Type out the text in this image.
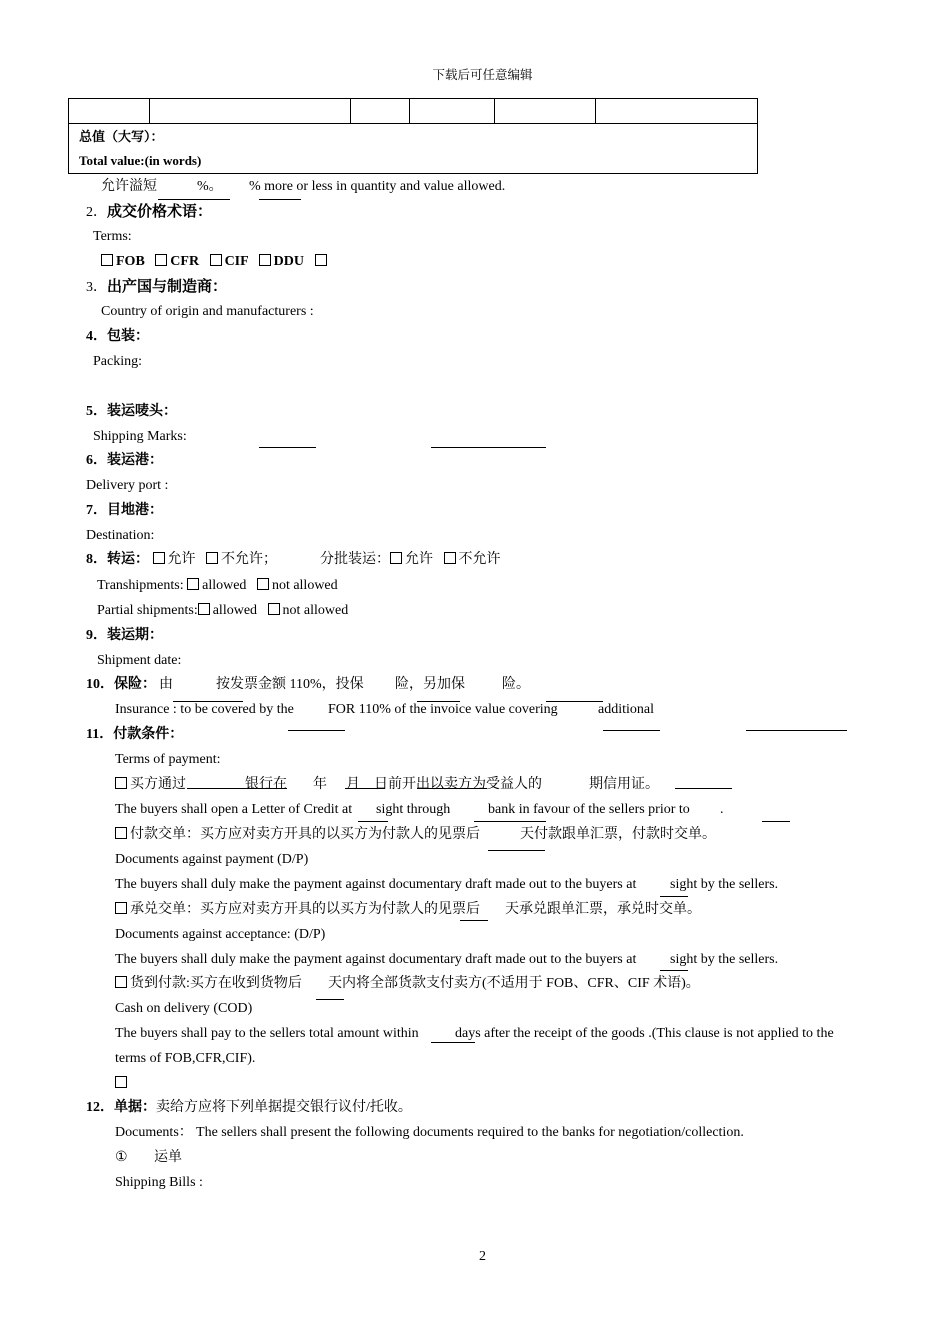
下载后可任意编辑

总值（大写）：
Total value:(in words)
允许溢短	%。 % more or less in quantity and value allowed.
2．成交价格术语：
Terms:
FOB CFR CIF DDU
3．出产国与制造商：
Country of origin and manufacturers :
4．包装：
Packing:
5．装运唛头：
Shipping Marks:
6．装运港：
Delivery port :
7．目地港：
Destination:
8．转运： 允许 不允许；	分批装运： 允许 不允许
Transhipments: allowed not allowed
Partial shipments: allowed not allowed
9．装运期：
Shipment date:
10．保险： 由	按发票金额 110%，投保 险，另加保	险。
Insurance : to be covered by the FOR 110% of the invoice value covering	additional
11．付款条件：
Terms of payment:
买方通过	银行在 年 月 日前开出以卖方为受益人的	期信用证。
The buyers shall open a Letter of Credit at sight through	bank in favour of the sellers prior to .
付款交单：买方应对卖方开具的以买方为付款人的见票后	天付款跟单汇票，付款时交单。
Documents against payment (D/P)
The buyers shall duly make the payment against documentary draft made out to the buyers at sight by the sellers.
承兑交单：买方应对卖方开具的以买方为付款人的见票后 天承兑跟单汇票，承兑时交单。
Documents against acceptance: (D/P)
The buyers shall duly make the payment against documentary draft made out to the buyers at sight by the sellers.
货到付款:买方在收到货物后 天内将全部货款支付卖方(不适用于 FOB、CFR、CIF 术语)。
Cash on delivery (COD)
The buyers shall pay to the sellers total amount within	days after the receipt of the goods .(This clause is not applied to the
terms of FOB,CFR,CIF).
12．单据：卖给方应将下列单据提交银行议付/托收。
Documents： The sellers shall present the following documents required to the banks for negotiation/collection.
① 运单
Shipping Bills :
2
